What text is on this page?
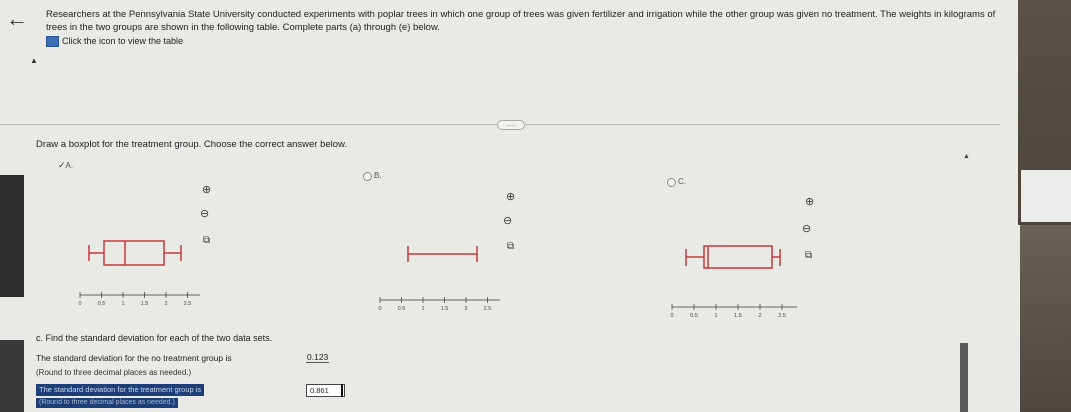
← Researchers at the Pennsylvania State University conducted experiments with poplar trees in which one group of trees was given fertilizer and irrigation while the other group was given no treatment. The weights in kilograms of trees in the two groups are shown in the following table. Complete parts (a) through (e) below.
Click the icon to view the table
▲
.....
Draw a boxplot for the treatment group. Choose the correct answer below.
▲
✓A.
B.
C.
⊕
⊖
⧉
⊕
⊖
⧉
⊕
⊖
⧉
0	0.5	1	1.5	2	2.5
0	0.5	1	1.5	2	2.5
0	0.5	1	1.5	2	2.5
c. Find the standard deviation for each of the two data sets.
The standard deviation for the no treatment group is	0.123
(Round to three decimal places as needed.)
The standard deviation for the treatment group is	0.861
(Round to three decimal places as needed.)
